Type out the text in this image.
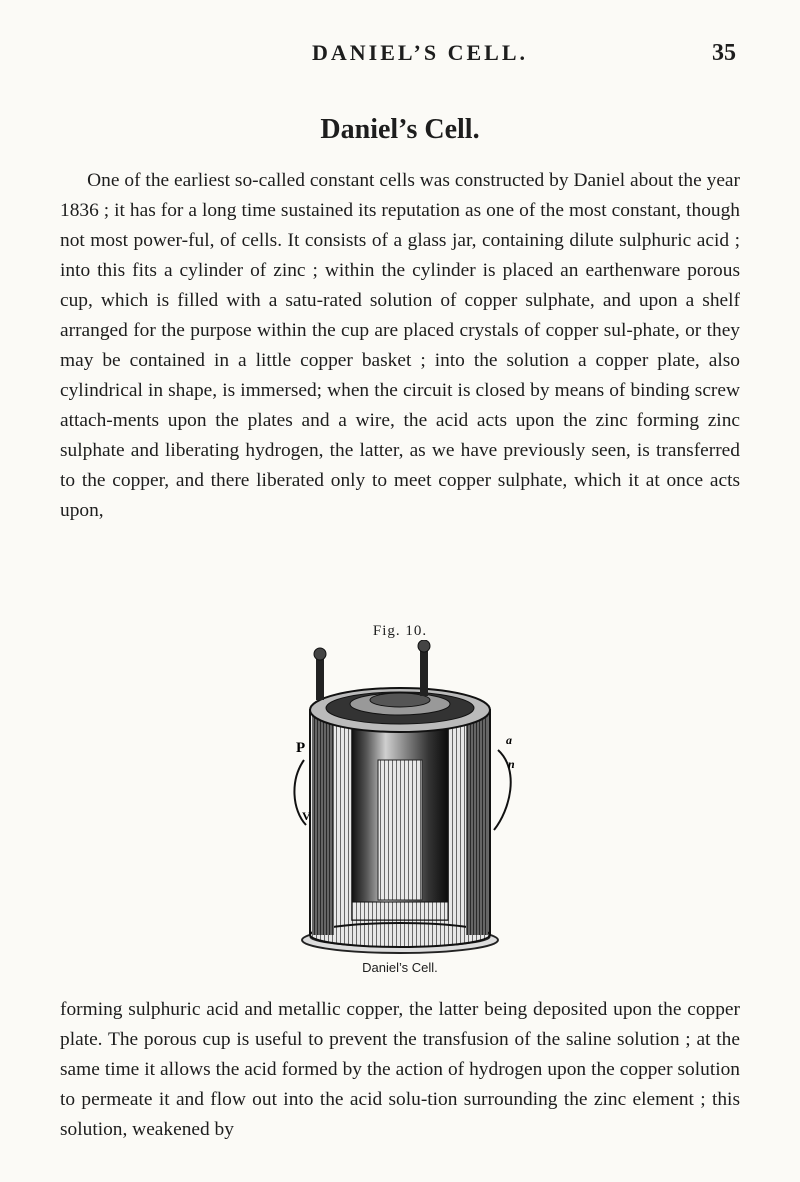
DANIEL’S CELL.	35
Daniel’s Cell.

One of the earliest so-called constant cells was constructed by Daniel about the year 1836 ; it has for a long time sustained its reputation as one of the most constant, though not most power-ful, of cells. It consists of a glass jar, containing dilute sulphuric acid ; into this fits a cylinder of zinc ; within the cylinder is placed an earthenware porous cup, which is filled with a satu-rated solution of copper sulphate, and upon a shelf arranged for the purpose within the cup are placed crystals of copper sul-phate, or they may be contained in a little copper basket ; into the solution a copper plate, also cylindrical in shape, is immersed; when the circuit is closed by means of binding screw attach-ments upon the plates and a wire, the acid acts upon the zinc forming zinc sulphate and liberating hydrogen, the latter, as we have previously seen, is transferred to the copper, and there liberated only to meet copper sulphate, which it at once acts upon,

Fig. 10.
P
V
a
n
Daniel’s Cell.

forming sulphuric acid and metallic copper, the latter being deposited upon the copper plate. The porous cup is useful to prevent the transfusion of the saline solution ; at the same time it allows the acid formed by the action of hydrogen upon the copper solution to permeate it and flow out into the acid solu-tion surrounding the zinc element ; this solution, weakened by
